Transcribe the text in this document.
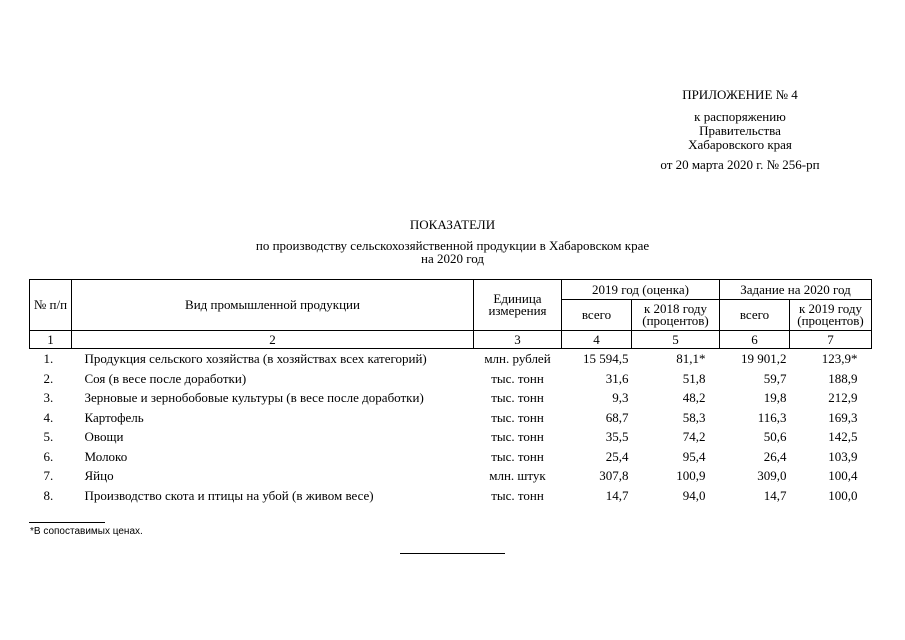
ПРИЛОЖЕНИЕ № 4
к распоряжению
Правительства
Хабаровского края
от 20 марта 2020 г. № 256-рп
ПОКАЗАТЕЛИ
по производству сельскохозяйственной продукции в Хабаровском крае
на 2020 год
№ п/п	Вид промышленной продукции	Единица измерения	2019 год (оценка)		Задание на 2020 год	
			всего	к 2018 году (процентов)	всего	к 2019 году (процентов)
1	2	3	4	5	6	7
1.	Продукция сельского хозяйства (в хозяйствах всех категорий)	млн. рублей	15 594,5	81,1*	19 901,2	123,9*
2.	Соя (в весе после доработки)	тыс. тонн	31,6	51,8	59,7	188,9
3.	Зерновые и зернобобовые культуры (в весе после доработки)	тыс. тонн	9,3	48,2	19,8	212,9
4.	Картофель	тыс. тонн	68,7	58,3	116,3	169,3
5.	Овощи	тыс. тонн	35,5	74,2	50,6	142,5
6.	Молоко	тыс. тонн	25,4	95,4	26,4	103,9
7.	Яйцо	млн. штук	307,8	100,9	309,0	100,4
8.	Производство скота и птицы на убой (в живом весе)	тыс. тонн	14,7	94,0	14,7	100,0
*В сопоставимых ценах.
